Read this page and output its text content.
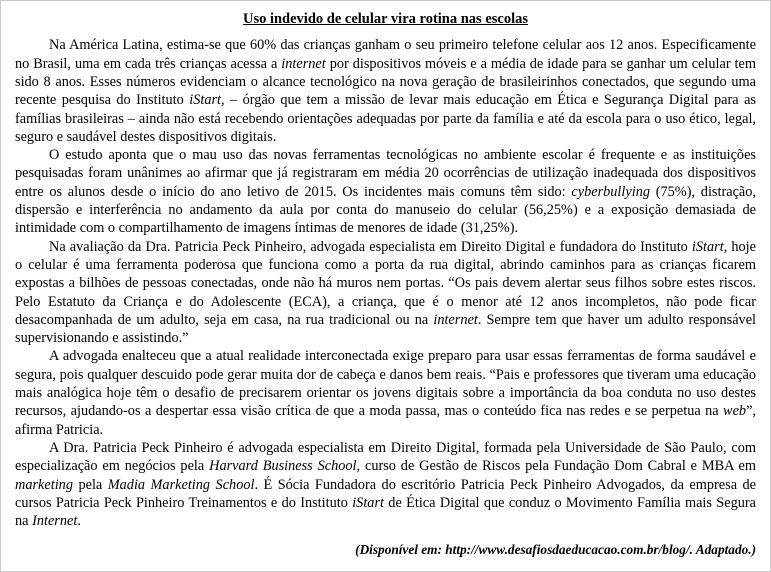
Uso indevido de celular vira rotina nas escolas

Na América Latina, estima-se que 60% das crianças ganham o seu primeiro telefone celular aos 12 anos. Especificamente no Brasil, uma em cada três crianças acessa a internet por dispositivos móveis e a média de idade para se ganhar um celular tem sido 8 anos. Esses números evidenciam o alcance tecnológico na nova geração de brasileirinhos conectados, que segundo uma recente pesquisa do Instituto iStart, – órgão que tem a missão de levar mais educação em Ética e Segurança Digital para as famílias brasileiras – ainda não está recebendo orientações adequadas por parte da família e até da escola para o uso ético, legal, seguro e saudável destes dispositivos digitais.

O estudo aponta que o mau uso das novas ferramentas tecnológicas no ambiente escolar é frequente e as instituições pesquisadas foram unânimes ao afirmar que já registraram em média 20 ocorrências de utilização inadequada dos dispositivos entre os alunos desde o início do ano letivo de 2015. Os incidentes mais comuns têm sido: cyberbullying (75%), distração, dispersão e interferência no andamento da aula por conta do manuseio do celular (56,25%) e a exposição demasiada de intimidade com o compartilhamento de imagens íntimas de menores de idade (31,25%).

Na avaliação da Dra. Patricia Peck Pinheiro, advogada especialista em Direito Digital e fundadora do Instituto iStart, hoje o celular é uma ferramenta poderosa que funciona como a porta da rua digital, abrindo caminhos para as crianças ficarem expostas a bilhões de pessoas conectadas, onde não há muros nem portas. “Os pais devem alertar seus filhos sobre estes riscos. Pelo Estatuto da Criança e do Adolescente (ECA), a criança, que é o menor até 12 anos incompletos, não pode ficar desacompanhada de um adulto, seja em casa, na rua tradicional ou na internet. Sempre tem que haver um adulto responsável supervisionando e assistindo.”

A advogada enalteceu que a atual realidade interconectada exige preparo para usar essas ferramentas de forma saudável e segura, pois qualquer descuido pode gerar muita dor de cabeça e danos bem reais. “Pais e professores que tiveram uma educação mais analógica hoje têm o desafio de precisarem orientar os jovens digitais sobre a importância da boa conduta no uso destes recursos, ajudando-os a despertar essa visão crítica de que a moda passa, mas o conteúdo fica nas redes e se perpetua na web”, afirma Patricia.

A Dra. Patricia Peck Pinheiro é advogada especialista em Direito Digital, formada pela Universidade de São Paulo, com especialização em negócios pela Harvard Business School, curso de Gestão de Riscos pela Fundação Dom Cabral e MBA em marketing pela Madia Marketing School. É Sócia Fundadora do escritório Patricia Peck Pinheiro Advogados, da empresa de cursos Patricia Peck Pinheiro Treinamentos e do Instituto iStart de Ética Digital que conduz o Movimento Família mais Segura na Internet.

(Disponível em: http://www.desafiosdaeducacao.com.br/blog/. Adaptado.)
